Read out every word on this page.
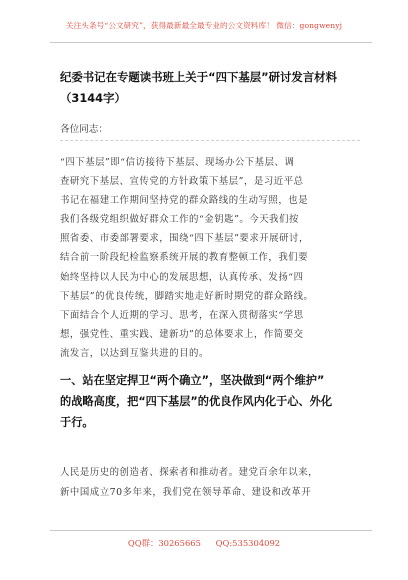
关注头条号“公文研究”，获得最新最全最专业的公文资料库！ 微信：gongwenyj
纪委书记在专题读书班上关于“四下基层”研讨发言材料
（3144字）
各位同志：

“四下基层”即“信访接待下基层、现场办公下基层、调
查研究下基层、宣传党的方针政策下基层”，是习近平总
书记在福建工作期间坚持党的群众路线的生动写照，也是
我们各级党组织做好群众工作的“金钥匙”。今天我们按
照省委、市委部署要求，围绕“四下基层”要求开展研讨，
结合前一阶段纪检监察系统开展的教育整顿工作，我们要
始终坚持以人民为中心的发展思想，认真传承、发扬“四
下基层”的优良传统，脚踏实地走好新时期党的群众路线。
下面结合个人近期的学习、思考，在深入贯彻落实“学思
想，强党性、重实践、建新功”的总体要求上，作简要交
流发言，以达到互鉴共进的目的。

一、站在坚定捍卫“两个确立”，坚决做到“两个维护”
的战略高度，把“四下基层”的优良作风内化于心、外化
于行。

人民是历史的创造者、探索者和推动者。建党百余年以来，
新中国成立70多年来，我们党在领导革命、建设和改革开

QQ群：30265665 QQ:535304092
